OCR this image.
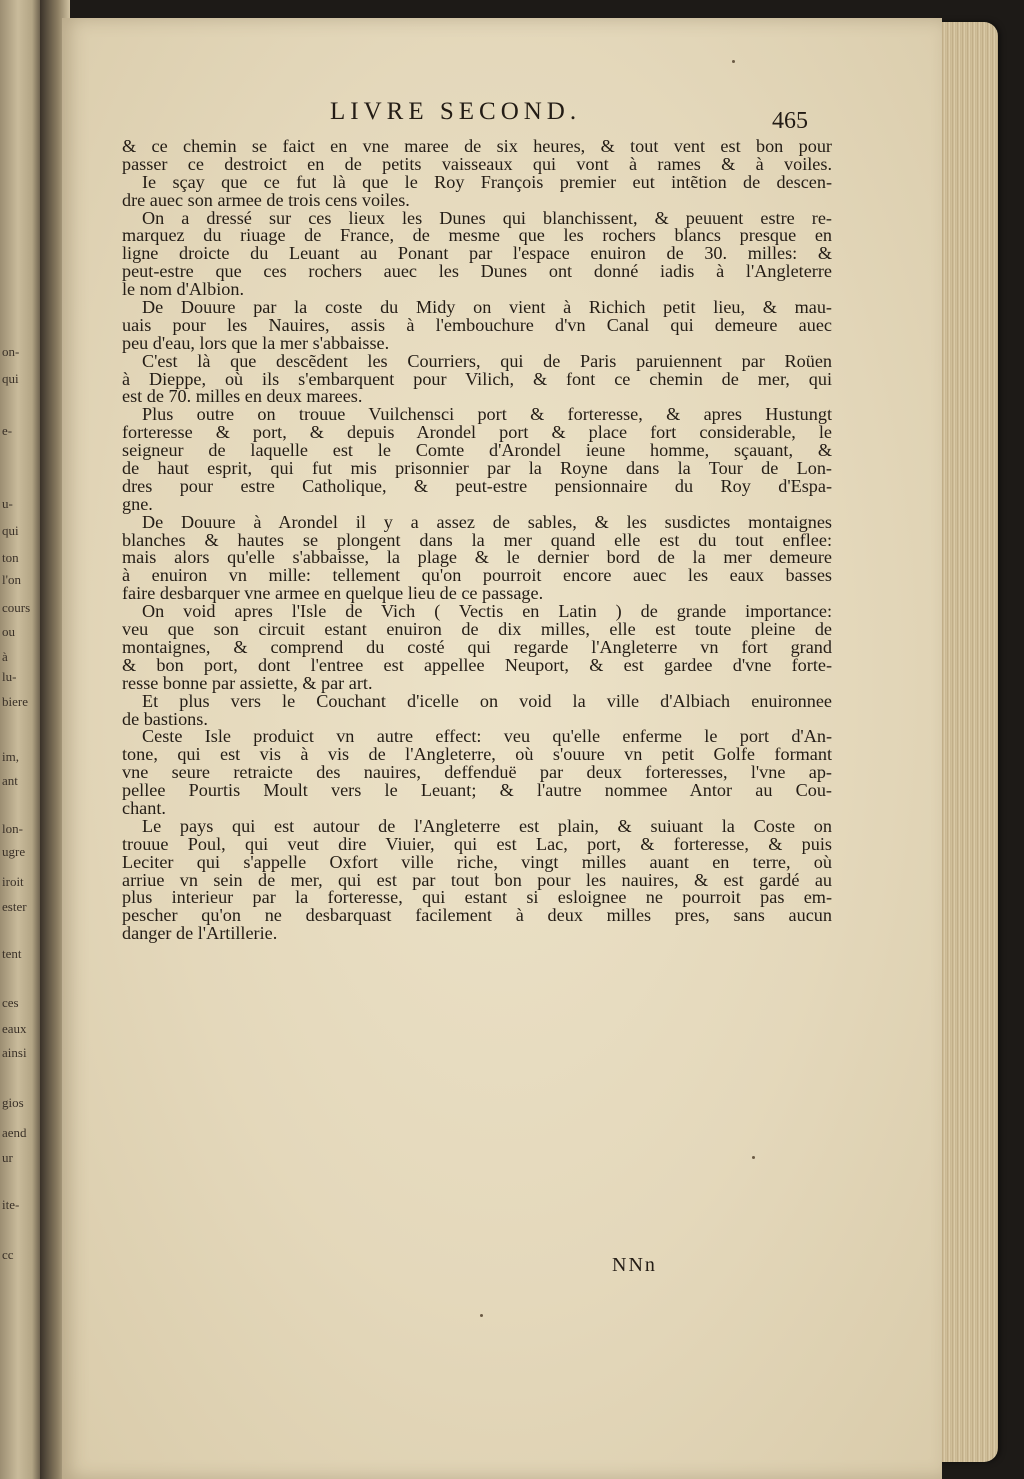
on-
qui
e-
u-
qui
ton
l'on
cours
ou
à
lu-
biere
im,
ant
lon-
ugre
iroit
ester
tent
ces
eaux
ainsi
gios
aend
ur
ite-
cc
LIVRE SECOND.	465
& ce chemin se faict en vne maree de six heures, & tout vent est bon pour
passer ce destroict en de petits vaisseaux qui vont à rames & à voiles.
Ie sçay que ce fut là que le Roy François premier eut intẽtion de descen-
dre auec son armee de trois cens voiles.
On a dressé sur ces lieux les Dunes qui blanchissent, & peuuent estre re-
marquez du riuage de France, de mesme que les rochers blancs presque en
ligne droicte du Leuant au Ponant par l'espace enuiron de 30. milles: &
peut-estre que ces rochers auec les Dunes ont donné iadis à l'Angleterre
le nom d'Albion.
De Douure par la coste du Midy on vient à Richich petit lieu, & mau-
uais pour les Nauires, assis à l'embouchure d'vn Canal qui demeure auec
peu d'eau, lors que la mer s'abbaisse.
C'est là que descẽdent les Courriers, qui de Paris paruiennent par Roüen
à Dieppe, où ils s'embarquent pour Vilich, & font ce chemin de mer, qui
est de 70. milles en deux marees.
Plus outre on trouue Vuilchensci port & forteresse, & apres Hustungt
forteresse & port, & depuis Arondel port & place fort considerable, le
seigneur de laquelle est le Comte d'Arondel ieune homme, sçauant, &
de haut esprit, qui fut mis prisonnier par la Royne dans la Tour de Lon-
dres pour estre Catholique, & peut-estre pensionnaire du Roy d'Espa-
gne.
De Douure à Arondel il y a assez de sables, & les susdictes montaignes
blanches & hautes se plongent dans la mer quand elle est du tout enflee:
mais alors qu'elle s'abbaisse, la plage & le dernier bord de la mer demeure
à enuiron vn mille: tellement qu'on pourroit encore auec les eaux basses
faire desbarquer vne armee en quelque lieu de ce passage.
On void apres l'Isle de Vich ( Vectis en Latin ) de grande importance:
veu que son circuit estant enuiron de dix milles, elle est toute pleine de
montaignes, & comprend du costé qui regarde l'Angleterre vn fort grand
& bon port, dont l'entree est appellee Neuport, & est gardee d'vne forte-
resse bonne par assiette, & par art.
Et plus vers le Couchant d'icelle on void la ville d'Albiach enuironnee
de bastions.
Ceste Isle produict vn autre effect: veu qu'elle enferme le port d'An-
tone, qui est vis à vis de l'Angleterre, où s'ouure vn petit Golfe formant
vne seure retraicte des nauires, deffenduë par deux forteresses, l'vne ap-
pellee Pourtis Moult vers le Leuant; & l'autre nommee Antor au Cou-
chant.
Le pays qui est autour de l'Angleterre est plain, & suiuant la Coste on
trouue Poul, qui veut dire Viuier, qui est Lac, port, & forteresse, & puis
Leciter qui s'appelle Oxfort ville riche, vingt milles auant en terre, où
arriue vn sein de mer, qui est par tout bon pour les nauires, & est gardé au
plus interieur par la forteresse, qui estant si esloignee ne pourroit pas em-
pescher qu'on ne desbarquast facilement à deux milles pres, sans aucun
danger de l'Artillerie.
NNn
